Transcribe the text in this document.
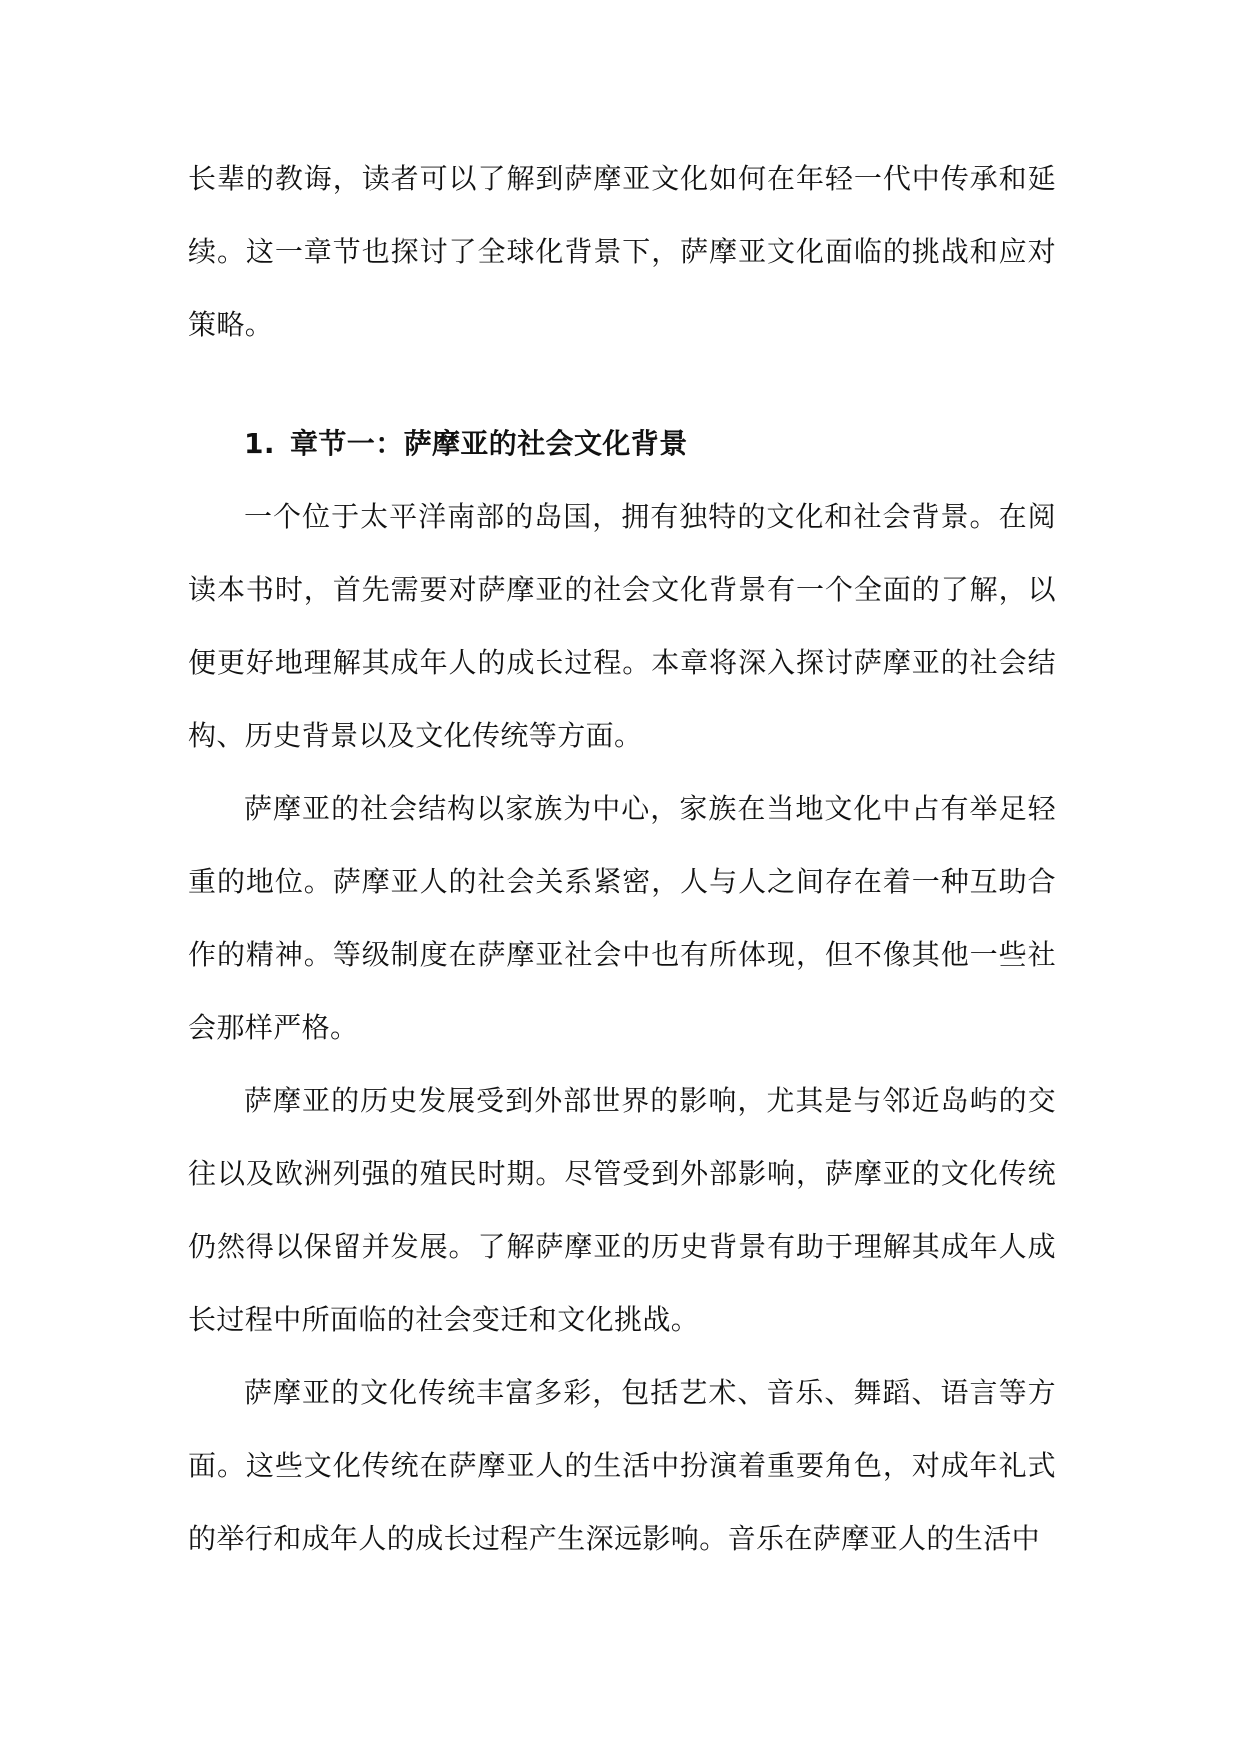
长辈的教诲，读者可以了解到萨摩亚文化如何在年轻一代中传承和延续。这一章节也探讨了全球化背景下，萨摩亚文化面临的挑战和应对策略。

1. 章节一：萨摩亚的社会文化背景

一个位于太平洋南部的岛国，拥有独特的文化和社会背景。在阅读本书时，首先需要对萨摩亚的社会文化背景有一个全面的了解，以便更好地理解其成年人的成长过程。本章将深入探讨萨摩亚的社会结构、历史背景以及文化传统等方面。

萨摩亚的社会结构以家族为中心，家族在当地文化中占有举足轻重的地位。萨摩亚人的社会关系紧密，人与人之间存在着一种互助合作的精神。等级制度在萨摩亚社会中也有所体现，但不像其他一些社会那样严格。

萨摩亚的历史发展受到外部世界的影响，尤其是与邻近岛屿的交往以及欧洲列强的殖民时期。尽管受到外部影响，萨摩亚的文化传统仍然得以保留并发展。了解萨摩亚的历史背景有助于理解其成年人成长过程中所面临的社会变迁和文化挑战。

萨摩亚的文化传统丰富多彩，包括艺术、音乐、舞蹈、语言等方面。这些文化传统在萨摩亚人的生活中扮演着重要角色，对成年礼式的举行和成年人的成长过程产生深远影响。音乐在萨摩亚人的生活中
